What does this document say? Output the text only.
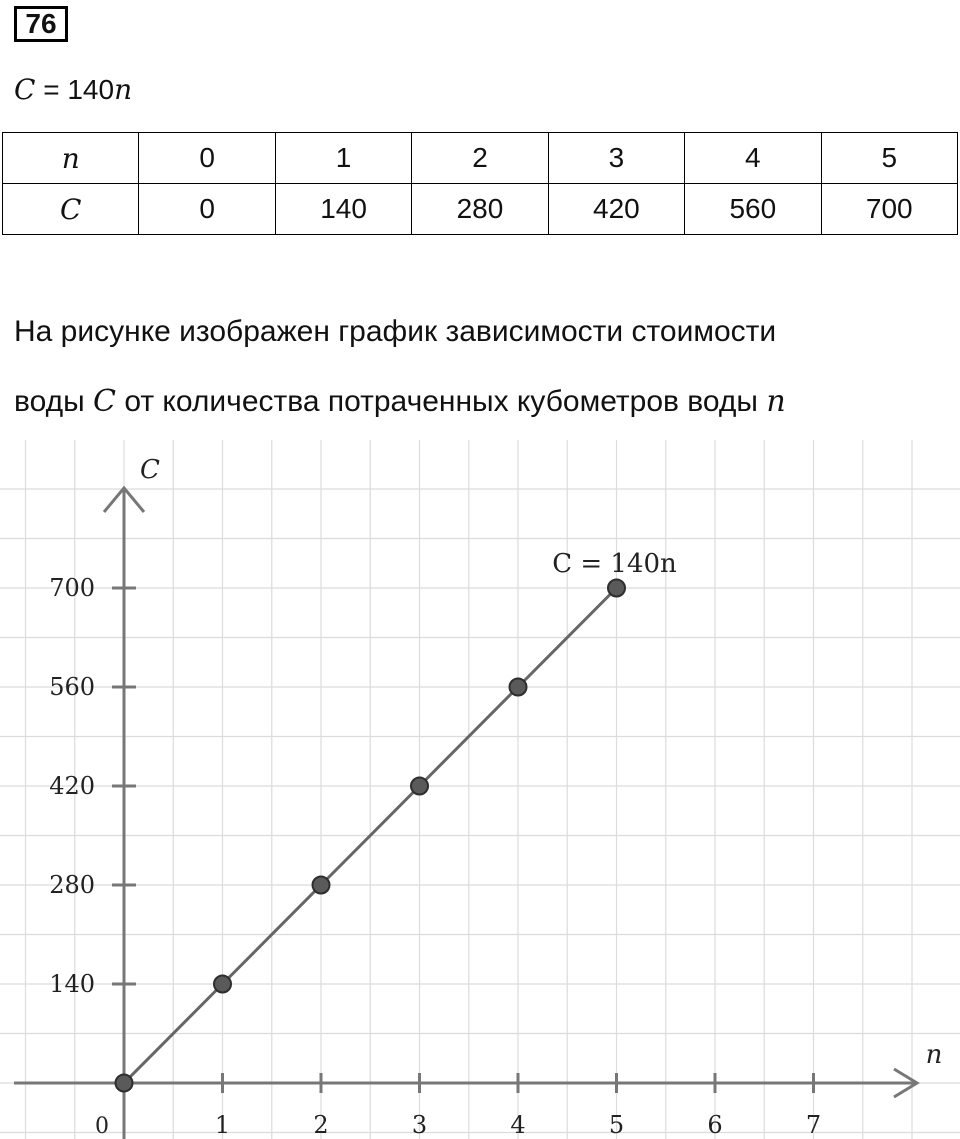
76
C = 140n
n	0	1	2	3	4	5
C	0	140	280	420	560	700
На рисунке изображен график зависимости стоимости
воды C от количества потраченных кубометров воды n
n
C
0	1	2	3	4	5	6	7
140
280
420
560
700
C = 140n
